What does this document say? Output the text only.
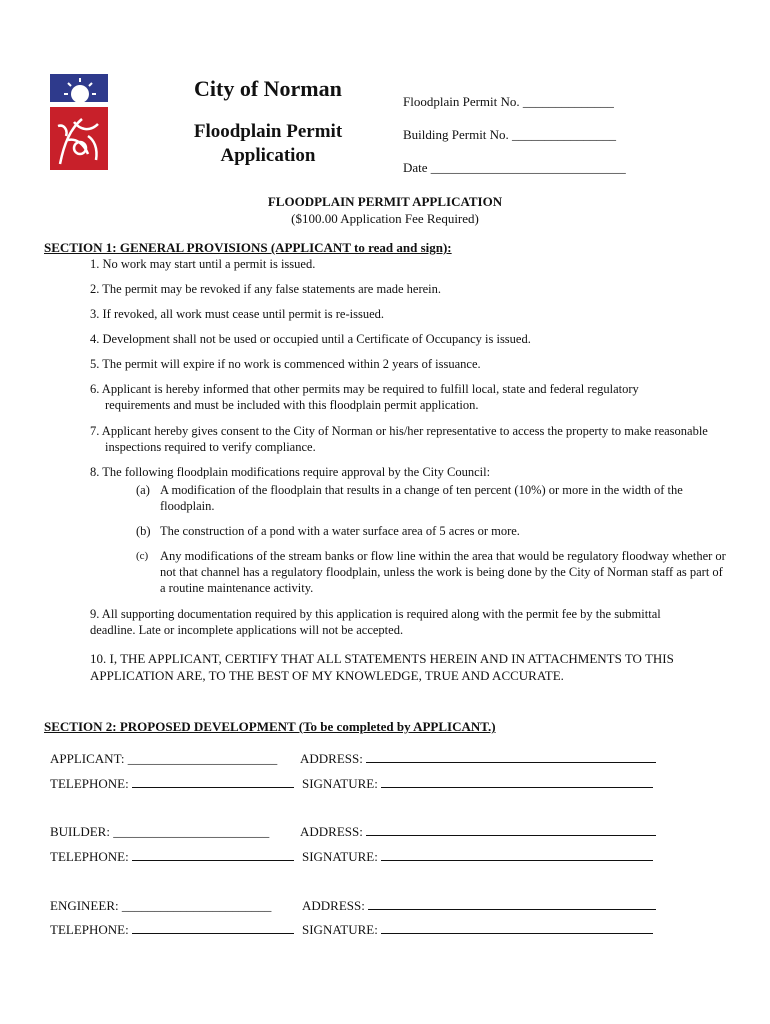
City of Norman
Floodplain Permit
Application
Floodplain Permit No. ______________
Building Permit No. ________________
Date ______________________________
FLOODPLAIN PERMIT APPLICATION
($100.00 Application Fee Required)
SECTION 1: GENERAL PROVISIONS (APPLICANT to read and sign):
1. No work may start until a permit is issued.
2. The permit may be revoked if any false statements are made herein.
3. If revoked, all work must cease until permit is re-issued.
4. Development shall not be used or occupied until a Certificate of Occupancy is issued.
5. The permit will expire if no work is commenced within 2 years of issuance.
6. Applicant is hereby informed that other permits may be required to fulfill local, state and federal regulatory requirements and must be included with this floodplain permit application.
7. Applicant hereby gives consent to the City of Norman or his/her representative to access the property to make reasonable inspections required to verify compliance.
8. The following floodplain modifications require approval by the City Council:
(a) A modification of the floodplain that results in a change of ten percent (10%) or more in the width of the floodplain.
(b) The construction of a pond with a water surface area of 5 acres or more.
(c) Any modifications of the stream banks or flow line within the area that would be regulatory floodway whether or not that channel has a regulatory floodplain, unless the work is being done by the City of Norman staff as part of a routine maintenance activity.
9. All supporting documentation required by this application is required along with the permit fee by the submittal deadline. Late or incomplete applications will not be accepted.
10. I, THE APPLICANT, CERTIFY THAT ALL STATEMENTS HEREIN AND IN ATTACHMENTS TO THIS APPLICATION ARE, TO THE BEST OF MY KNOWLEDGE, TRUE AND ACCURATE.
SECTION 2: PROPOSED DEVELOPMENT (To be completed by APPLICANT.)
APPLICANT: _______________________ ADDRESS:
TELEPHONE:	SIGNATURE:
BUILDER: ________________________ ADDRESS:
TELEPHONE:	SIGNATURE:
ENGINEER: _______________________ ADDRESS:
TELEPHONE:	SIGNATURE:
